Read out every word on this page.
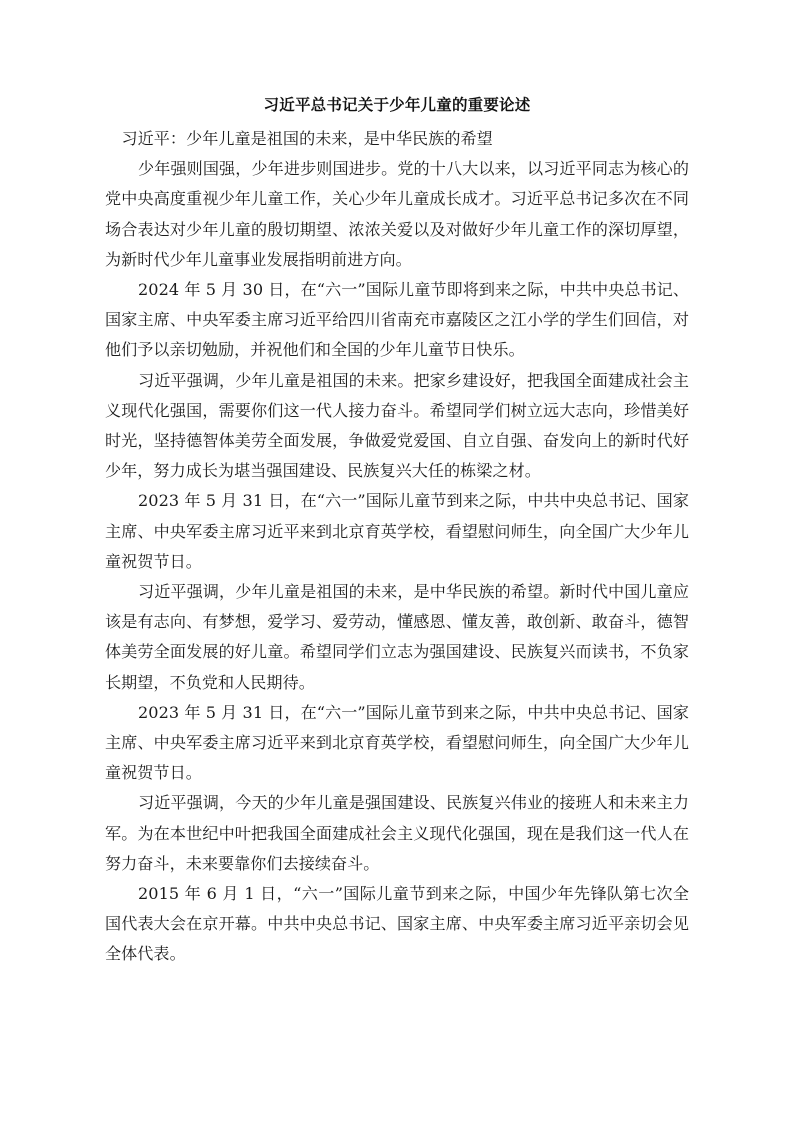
习近平总书记关于少年儿童的重要论述

习近平：少年儿童是祖国的未来，是中华民族的希望

少年强则国强，少年进步则国进步。党的十八大以来，以习近平同志为核心的党中央高度重视少年儿童工作，关心少年儿童成长成才。习近平总书记多次在不同场合表达对少年儿童的殷切期望、浓浓关爱以及对做好少年儿童工作的深切厚望，为新时代少年儿童事业发展指明前进方向。

2024 年 5 月 30 日，在“六一”国际儿童节即将到来之际，中共中央总书记、国家主席、中央军委主席习近平给四川省南充市嘉陵区之江小学的学生们回信，对他们予以亲切勉励，并祝他们和全国的少年儿童节日快乐。

习近平强调，少年儿童是祖国的未来。把家乡建设好，把我国全面建成社会主义现代化强国，需要你们这一代人接力奋斗。希望同学们树立远大志向，珍惜美好时光，坚持德智体美劳全面发展，争做爱党爱国、自立自强、奋发向上的新时代好少年，努力成长为堪当强国建设、民族复兴大任的栋梁之材。

2023 年 5 月 31 日，在“六一”国际儿童节到来之际，中共中央总书记、国家主席、中央军委主席习近平来到北京育英学校，看望慰问师生，向全国广大少年儿童祝贺节日。

习近平强调，少年儿童是祖国的未来，是中华民族的希望。新时代中国儿童应该是有志向、有梦想，爱学习、爱劳动，懂感恩、懂友善，敢创新、敢奋斗，德智体美劳全面发展的好儿童。希望同学们立志为强国建设、民族复兴而读书，不负家长期望，不负党和人民期待。

2023 年 5 月 31 日，在“六一”国际儿童节到来之际，中共中央总书记、国家主席、中央军委主席习近平来到北京育英学校，看望慰问师生，向全国广大少年儿童祝贺节日。

习近平强调，今天的少年儿童是强国建设、民族复兴伟业的接班人和未来主力军。为在本世纪中叶把我国全面建成社会主义现代化强国，现在是我们这一代人在努力奋斗，未来要靠你们去接续奋斗。

2015 年 6 月 1 日，“六一”国际儿童节到来之际，中国少年先锋队第七次全国代表大会在京开幕。中共中央总书记、国家主席、中央军委主席习近平亲切会见全体代表。
